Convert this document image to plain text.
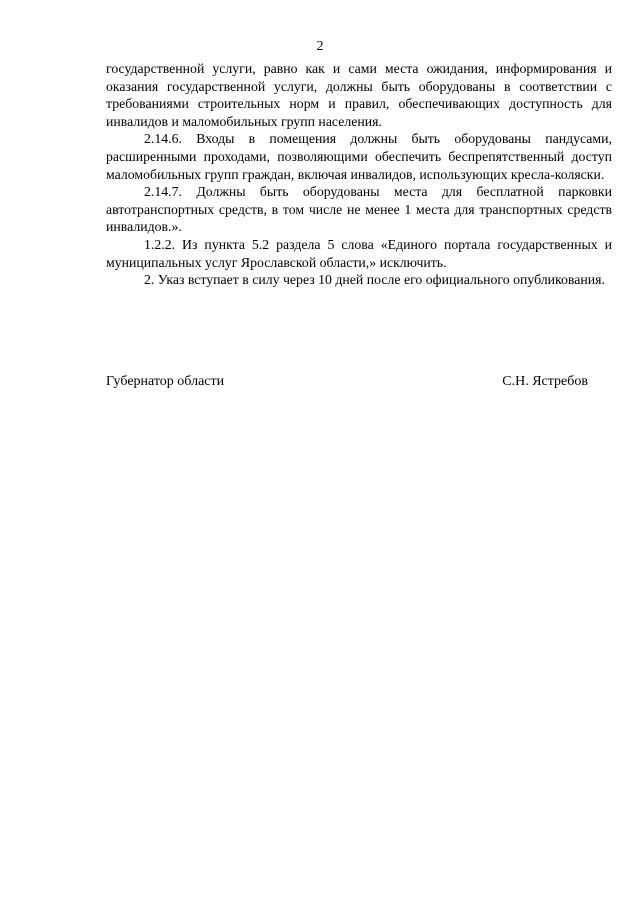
2

государственной услуги, равно как и сами места ожидания, информирования и оказания государственной услуги, должны быть оборудованы в соответствии с требованиями строительных норм и правил, обеспечивающих доступность для инвалидов и маломобильных групп населения.

2.14.6. Входы в помещения должны быть оборудованы пандусами, расширенными проходами, позволяющими обеспечить беспрепятственный доступ маломобильных групп граждан, включая инвалидов, использующих кресла-коляски.

2.14.7. Должны быть оборудованы места для бесплатной парковки автотранспортных средств, в том числе не менее 1 места для транспортных средств инвалидов.».

1.2.2. Из пункта 5.2 раздела 5 слова «Единого портала государственных и муниципальных услуг Ярославской области,» исключить.

2. Указ вступает в силу через 10 дней после его официального опубликования.

Губернатор области	С.Н. Ястребов
